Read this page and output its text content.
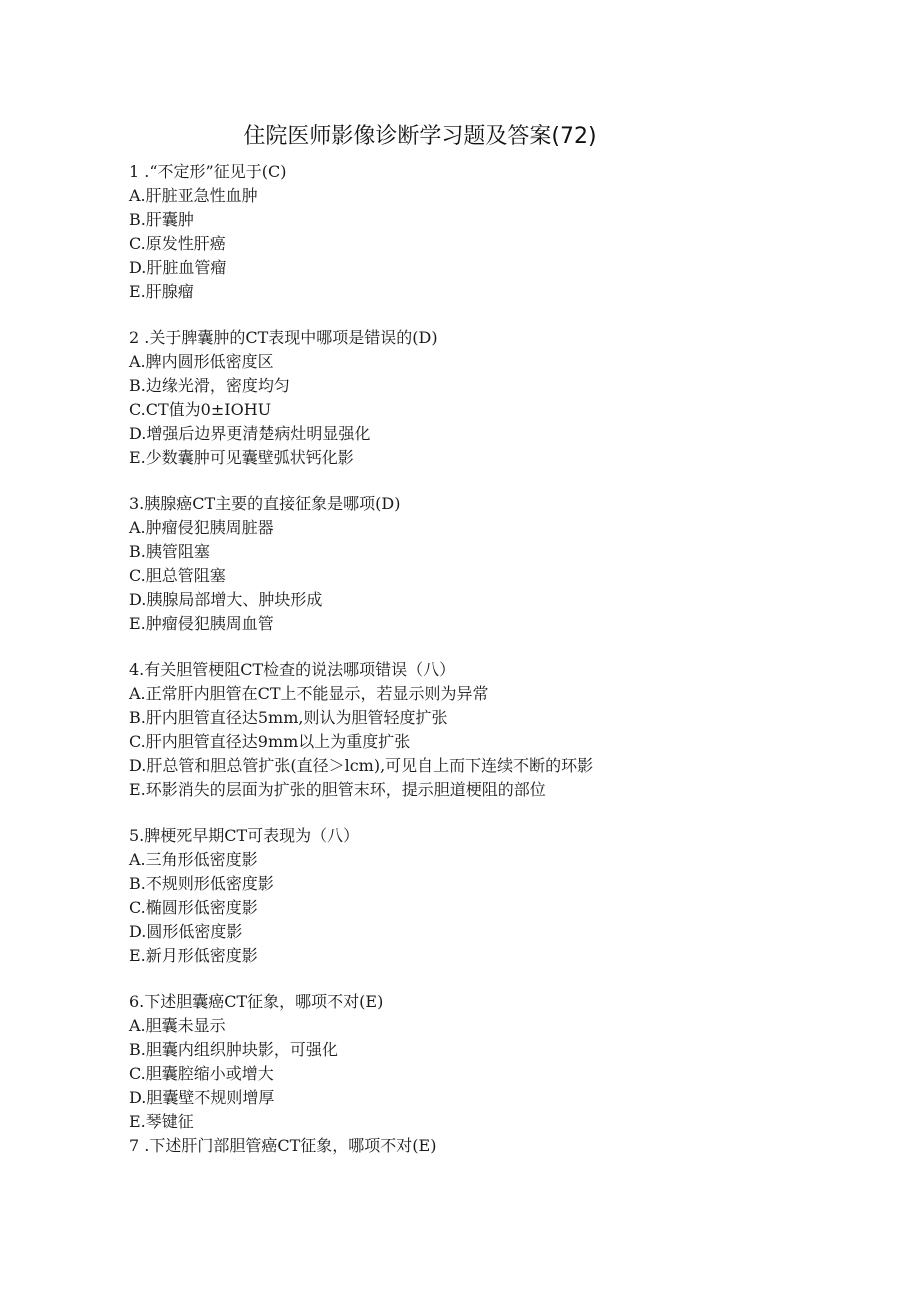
住院医师影像诊断学习题及答案(72)
1 .“不定形”征见于(C)
A.肝脏亚急性血肿
B.肝囊肿
C.原发性肝癌
D.肝脏血管瘤
E.肝腺瘤
2 .关于脾囊肿的CT表现中哪项是错误的(D)
A.脾内圆形低密度区
B.边缘光滑，密度均匀
C.CT值为0±IOHU
D.增强后边界更清楚病灶明显强化
E.少数囊肿可见囊壁弧状钙化影
3.胰腺癌CT主要的直接征象是哪项(D)
A.肿瘤侵犯胰周脏器
B.胰管阻塞
C.胆总管阻塞
D.胰腺局部增大、肿块形成
E.肿瘤侵犯胰周血管
4.有关胆管梗阻CT检查的说法哪项错误（八）
A.正常肝内胆管在CT上不能显示，若显示则为异常
B.肝内胆管直径达5mm,则认为胆管轻度扩张
C.肝内胆管直径达9mm以上为重度扩张
D.肝总管和胆总管扩张(直径＞lcm),可见自上而下连续不断的环影
E.环影消失的层面为扩张的胆管末环，提示胆道梗阻的部位
5.脾梗死早期CT可表现为（八）
A.三角形低密度影
B.不规则形低密度影
C.椭圆形低密度影
D.圆形低密度影
E.新月形低密度影
6.下述胆囊癌CT征象，哪项不对(E)
A.胆囊未显示
B.胆囊内组织肿块影，可强化
C.胆囊腔缩小或增大
D.胆囊壁不规则增厚
E.琴键征
7 .下述肝门部胆管癌CT征象，哪项不对(E)
